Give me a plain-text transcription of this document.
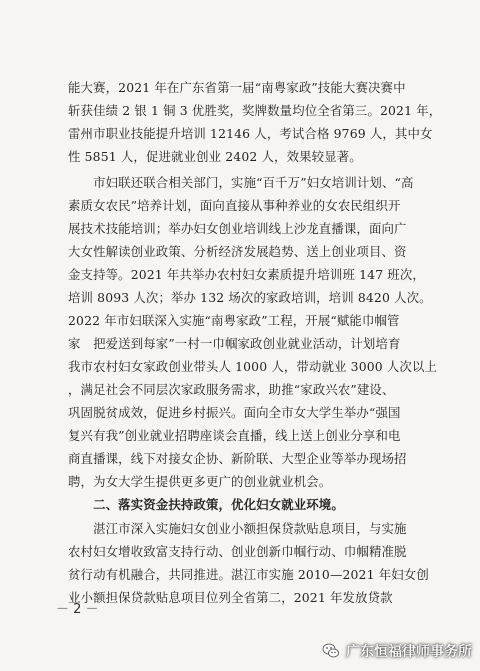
能大赛，2021 年在广东省第一届“南粤家政”技能大赛决赛中
斩获佳绩 2 银 1 铜 3 优胜奖，奖牌数量均位全省第三。2021 年，
雷州市职业技能提升培训 12146 人，考试合格 9769 人，其中女
性 5851 人，促进就业创业 2402 人，效果较显著。
　　市妇联还联合相关部门，实施“百千万”妇女培训计划、“高
素质女农民”培养计划，面向直接从事种养业的女农民组织开
展技术技能培训；举办妇女创业培训线上沙龙直播课，面向广
大女性解读创业政策、分析经济发展趋势、送上创业项目、资
金支持等。2021 年共举办农村妇女素质提升培训班 147 班次，
培训 8093 人次；举办 132 场次的家政培训，培训 8420 人次。
2022 年市妇联深入实施“南粤家政”工程，开展“赋能巾帼管
家　把爱送到每家”一村一巾帼家政创业就业活动，计划培育
我市农村妇女家政创业带头人 1000 人，带动就业 3000 人次以上
，满足社会不同层次家政服务需求，助推“家政兴农”建设、
巩固脱贫成效，促进乡村振兴。面向全市女大学生举办“强国
复兴有我”创业就业招聘座谈会直播，线上送上创业分享和电
商直播课，线下对接女企协、新阶联、大型企业等举办现场招
聘，为女大学生提供更多更广的创业就业机会。
　　二、落实资金扶持政策，优化妇女就业环境。
　　湛江市深入实施妇女创业小额担保贷款贴息项目，与实施
农村妇女增收致富支持行动、创业创新巾帼行动、巾帼精准脱
贫行动有机融合，共同推进。湛江市实施 2010—2021 年妇女创
业小额担保贷款贴息项目位列全省第二，2021 年发放贷款
－ 2 －
广东恒福律师事务所
